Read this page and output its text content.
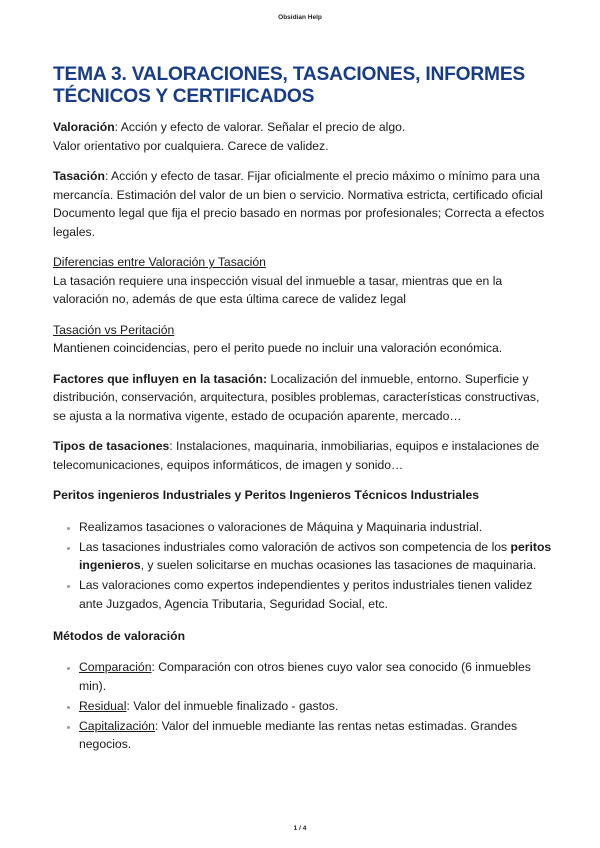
Obsidian Help
TEMA 3. VALORACIONES, TASACIONES, INFORMES TÉCNICOS Y CERTIFICADOS

Valoración: Acción y efecto de valorar. Señalar el precio de algo.
Valor orientativo por cualquiera. Carece de validez.

Tasación: Acción y efecto de tasar. Fijar oficialmente el precio máximo o mínimo para una mercancía. Estimación del valor de un bien o servicio. Normativa estricta, certificado oficial
Documento legal que fija el precio basado en normas por profesionales; Correcta a efectos legales.

Diferencias entre Valoración y Tasación
La tasación requiere una inspección visual del inmueble a tasar, mientras que en la valoración no, además de que esta última carece de validez legal

Tasación vs Peritación
Mantienen coincidencias, pero el perito puede no incluir una valoración económica.

Factores que influyen en la tasación: Localización del inmueble, entorno. Superficie y distribución, conservación, arquitectura, posibles problemas, características constructivas, se ajusta a la normativa vigente, estado de ocupación aparente, mercado…

Tipos de tasaciones: Instalaciones, maquinaria, inmobiliarias, equipos e instalaciones de telecomunicaciones, equipos informáticos, de imagen y sonido…

Peritos ingenieros Industriales y Peritos Ingenieros Técnicos Industriales

• Realizamos tasaciones o valoraciones de Máquina y Maquinaria industrial.
• Las tasaciones industriales como valoración de activos son competencia de los peritos ingenieros, y suelen solicitarse en muchas ocasiones las tasaciones de maquinaria.
• Las valoraciones como expertos independientes y peritos industriales tienen validez ante Juzgados, Agencia Tributaria, Seguridad Social, etc.

Métodos de valoración

• Comparación: Comparación con otros bienes cuyo valor sea conocido (6 inmuebles min).
• Residual: Valor del inmueble finalizado - gastos.
• Capitalización: Valor del inmueble mediante las rentas netas estimadas. Grandes negocios.
1 / 4
